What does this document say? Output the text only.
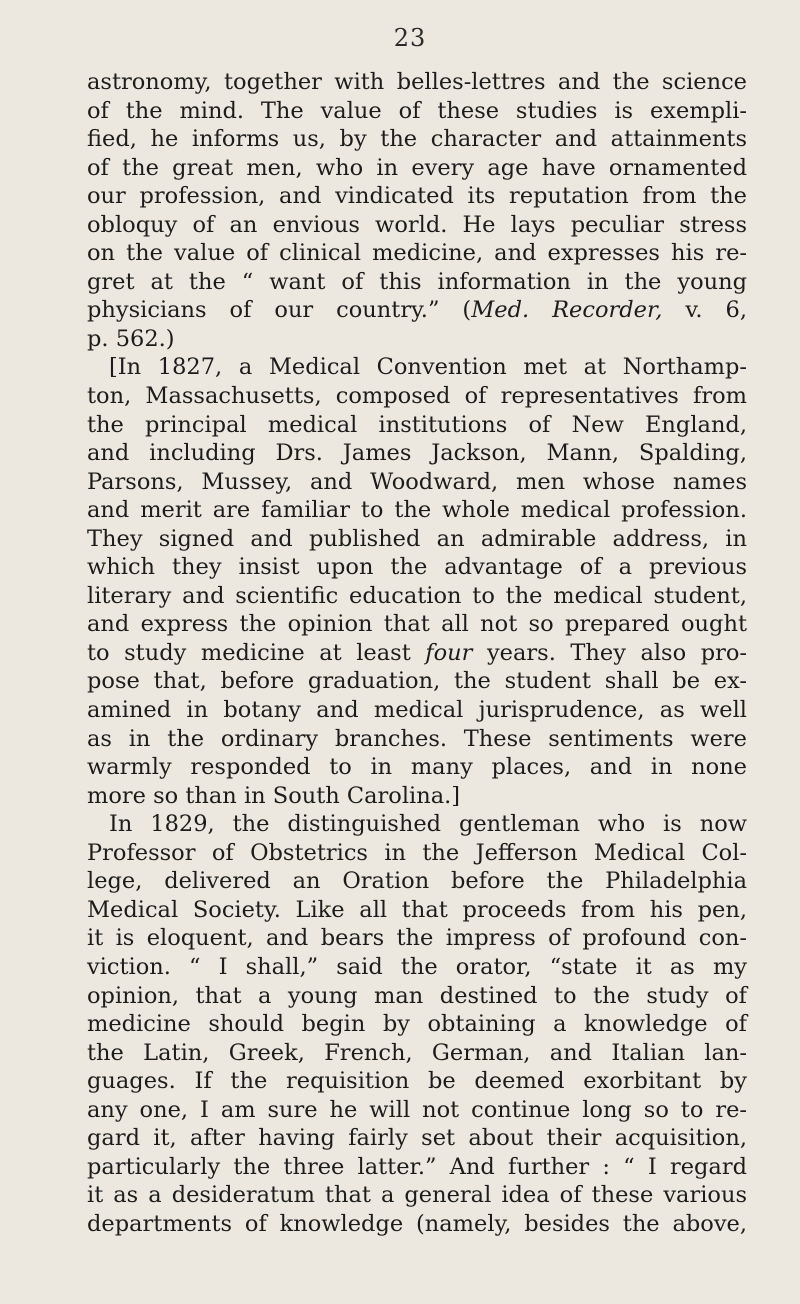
23
astronomy, together with belles-lettres and the science
of the mind. The value of these studies is exempli-
fied, he informs us, by the character and attainments
of the great men, who in every age have ornamented
our profession, and vindicated its reputation from the
obloquy of an envious world. He lays peculiar stress
on the value of clinical medicine, and expresses his re-
gret at the “ want of this information in the young
physicians of our country.” (Med. Recorder, v. 6,
p. 562.)
[In 1827, a Medical Convention met at Northamp-
ton, Massachusetts, composed of representatives from
the principal medical institutions of New England,
and including Drs. James Jackson, Mann, Spalding,
Parsons, Mussey, and Woodward, men whose names
and merit are familiar to the whole medical profession.
They signed and published an admirable address, in
which they insist upon the advantage of a previous
literary and scientific education to the medical student,
and express the opinion that all not so prepared ought
to study medicine at least four years. They also pro-
pose that, before graduation, the student shall be ex-
amined in botany and medical jurisprudence, as well
as in the ordinary branches. These sentiments were
warmly responded to in many places, and in none
more so than in South Carolina.]
In 1829, the distinguished gentleman who is now
Professor of Obstetrics in the Jefferson Medical Col-
lege, delivered an Oration before the Philadelphia
Medical Society. Like all that proceeds from his pen,
it is eloquent, and bears the impress of profound con-
viction. “ I shall,” said the orator, “state it as my
opinion, that a young man destined to the study of
medicine should begin by obtaining a knowledge of
the Latin, Greek, French, German, and Italian lan-
guages. If the requisition be deemed exorbitant by
any one, I am sure he will not continue long so to re-
gard it, after having fairly set about their acquisition,
particularly the three latter.” And further : “ I regard
it as a desideratum that a general idea of these various
departments of knowledge (namely, besides the above,
